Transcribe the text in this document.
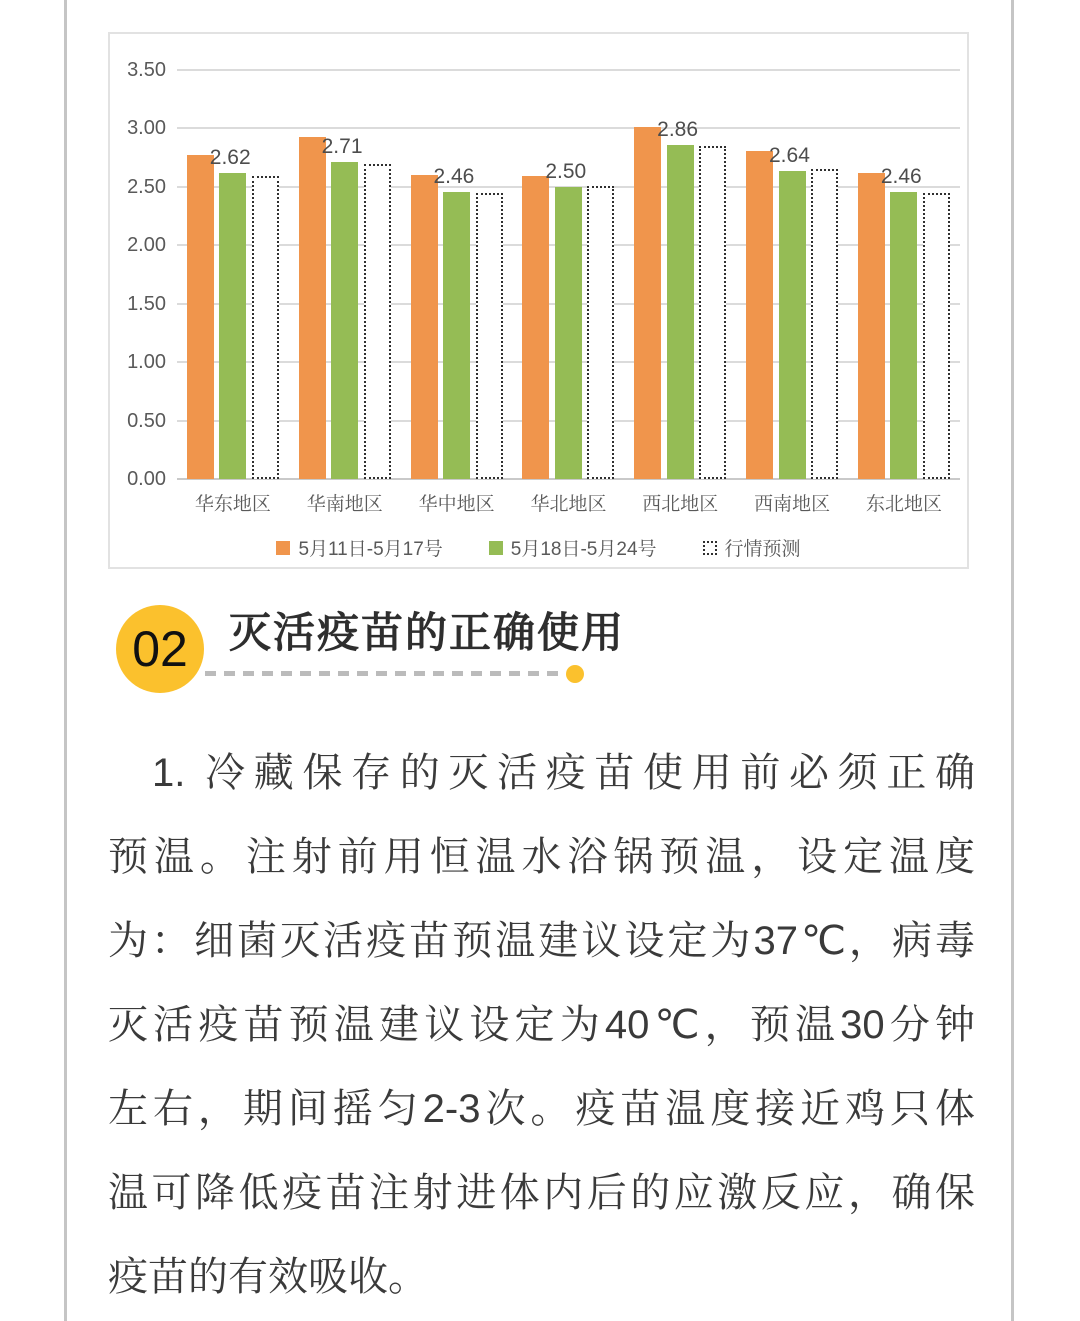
3.50
3.00
2.50
2.00
1.50
1.00
0.50
0.00
2.62
华东地区
2.71
华南地区
2.46
华中地区
2.50
华北地区
2.86
西北地区
2.64
西南地区
2.46
东北地区
5月11日-5月17号	5月18日-5月24号	行情预测
02 灭活疫苗的正确使用
1. 冷藏保存的灭活疫苗使用前必须正确
预温。注射前用恒温水浴锅预温，设定温度
为：细菌灭活疫苗预温建议设定为37℃，病毒
灭活疫苗预温建议设定为40℃，预温30分钟
左右，期间摇匀2-3次。疫苗温度接近鸡只体
温可降低疫苗注射进体内后的应激反应，确保
疫苗的有效吸收。
